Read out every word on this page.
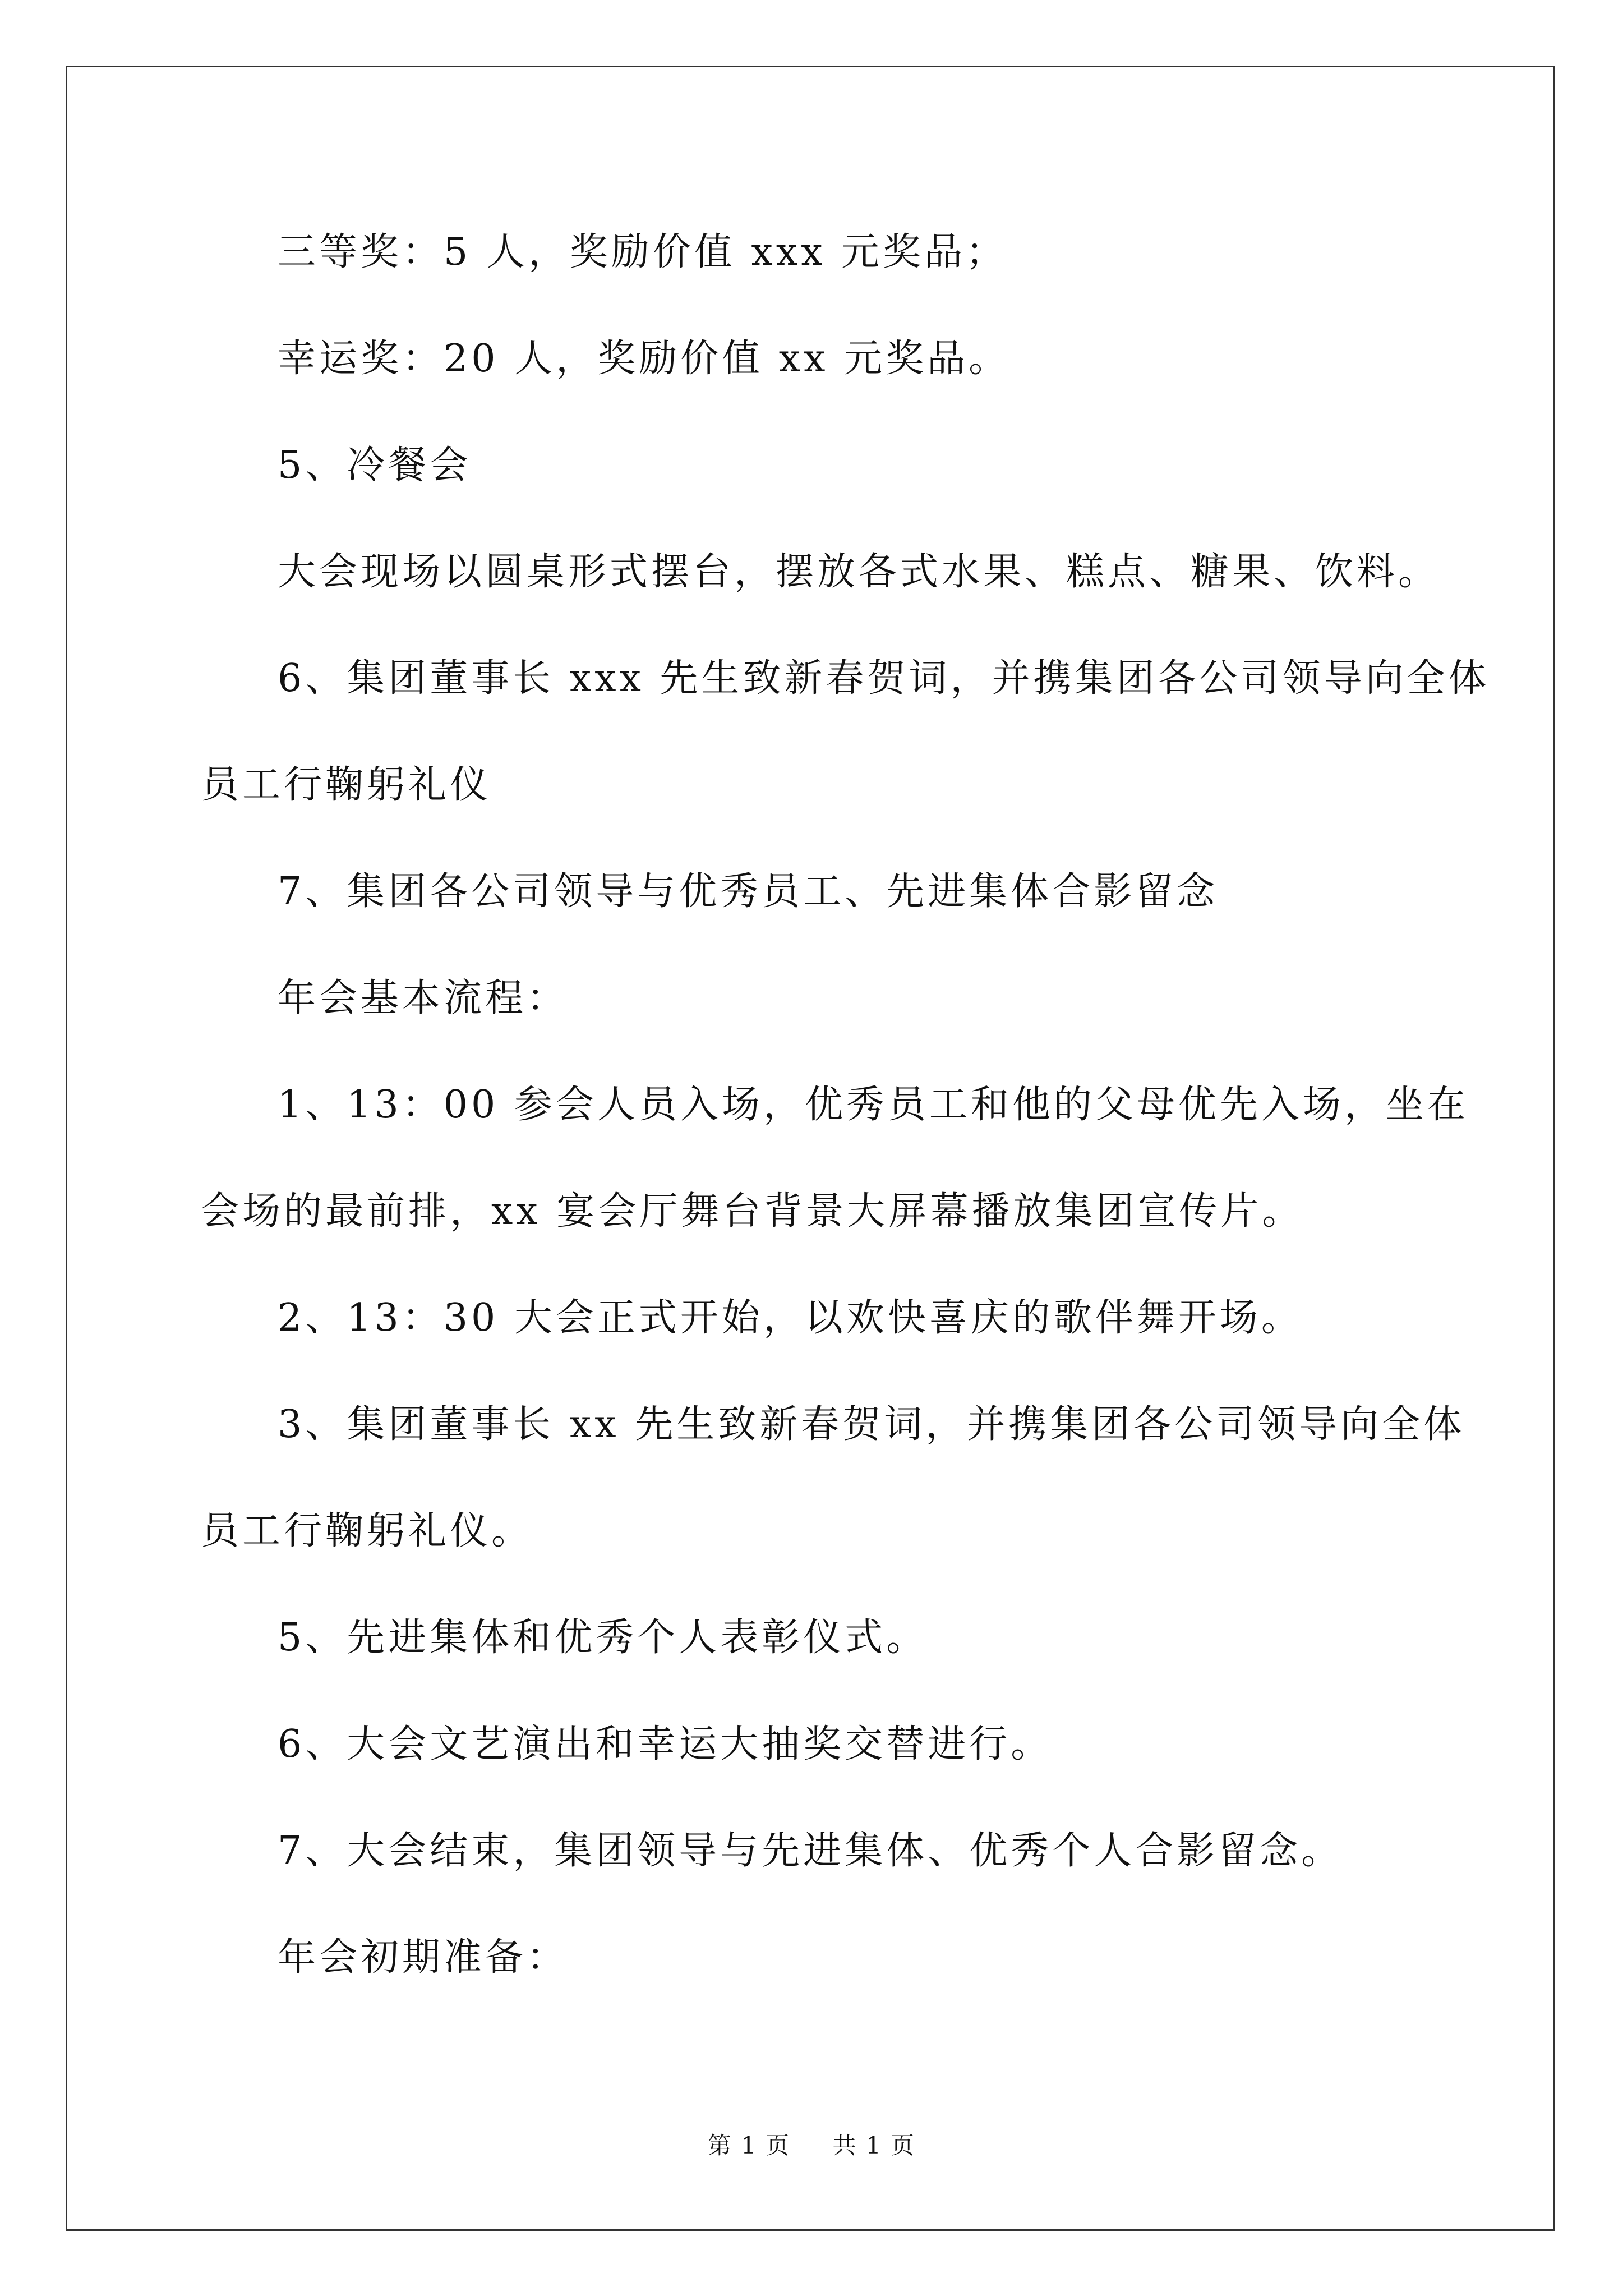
三等奖：5 人，奖励价值 xxx 元奖品；
幸运奖：20 人，奖励价值 xx 元奖品。
5、冷餐会
大会现场以圆桌形式摆台，摆放各式水果、糕点、糖果、饮料。
6、集团董事长 xxx 先生致新春贺词，并携集团各公司领导向全体
员工行鞠躬礼仪
7、集团各公司领导与优秀员工、先进集体合影留念
年会基本流程：
1、13：00 参会人员入场，优秀员工和他的父母优先入场，坐在
会场的最前排，xx 宴会厅舞台背景大屏幕播放集团宣传片。
2、13：30 大会正式开始，以欢快喜庆的歌伴舞开场。
3、集团董事长 xx 先生致新春贺词，并携集团各公司领导向全体
员工行鞠躬礼仪。
5、先进集体和优秀个人表彰仪式。
6、大会文艺演出和幸运大抽奖交替进行。
7、大会结束，集团领导与先进集体、优秀个人合影留念。
年会初期准备：
第 1 页 共 1 页
